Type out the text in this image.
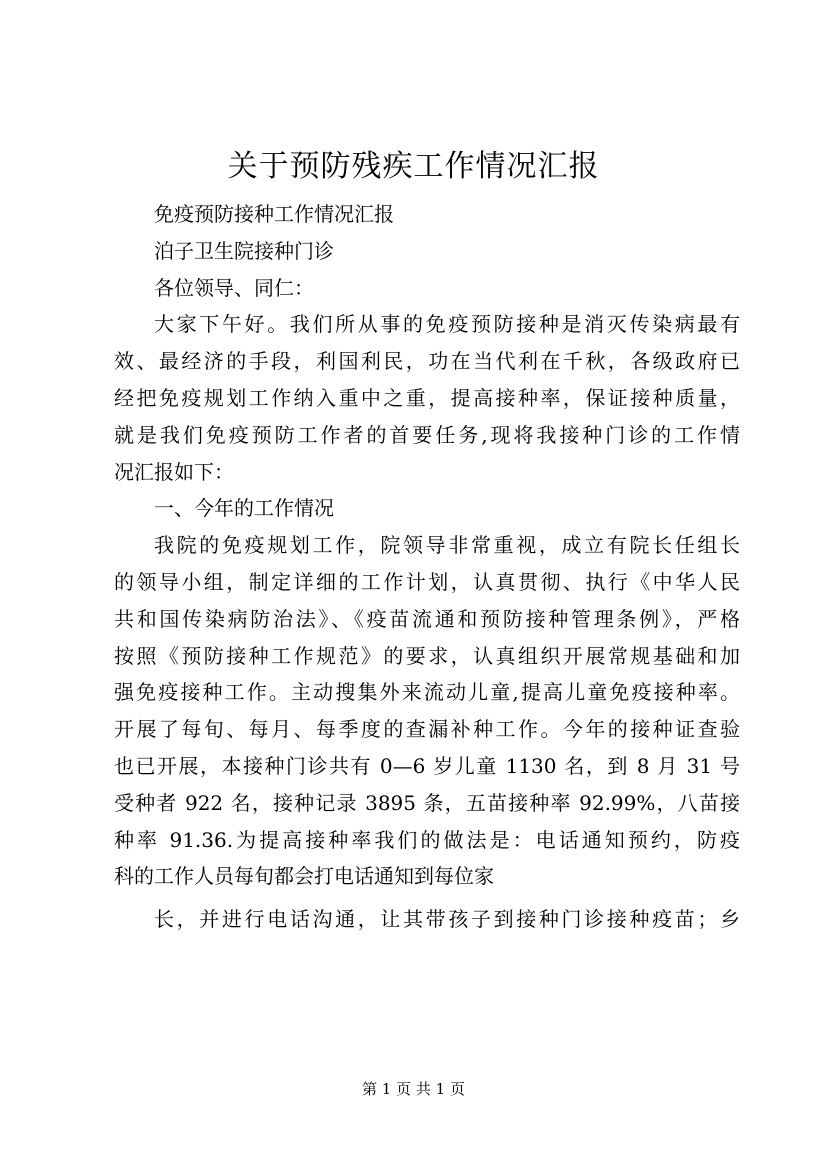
关于预防残疾工作情况汇报
免疫预防接种工作情况汇报
泊子卫生院接种门诊
各位领导、同仁：
大家下午好。我们所从事的免疫预防接种是消灭传染病最有
效、最经济的手段，利国利民，功在当代利在千秋，各级政府已
经把免疫规划工作纳入重中之重，提高接种率，保证接种质量，
就是我们免疫预防工作者的首要任务,现将我接种门诊的工作情
况汇报如下：
一、今年的工作情况
我院的免疫规划工作，院领导非常重视，成立有院长任组长
的领导小组，制定详细的工作计划，认真贯彻、执行《中华人民
共和国传染病防治法》、《疫苗流通和预防接种管理条例》，严格
按照《预防接种工作规范》的要求，认真组织开展常规基础和加
强免疫接种工作。主动搜集外来流动儿童,提高儿童免疫接种率。
开展了每旬、每月、每季度的查漏补种工作。今年的接种证查验
也已开展，本接种门诊共有 0—6 岁儿童 1130 名，到 8 月 31 号
受种者 922 名，接种记录 3895 条，五苗接种率 92.99%，八苗接
种率 91.36.为提高接种率我们的做法是：电话通知预约，防疫
科的工作人员每旬都会打电话通知到每位家
长，并进行电话沟通，让其带孩子到接种门诊接种疫苗；乡
第 1 页 共 1 页
